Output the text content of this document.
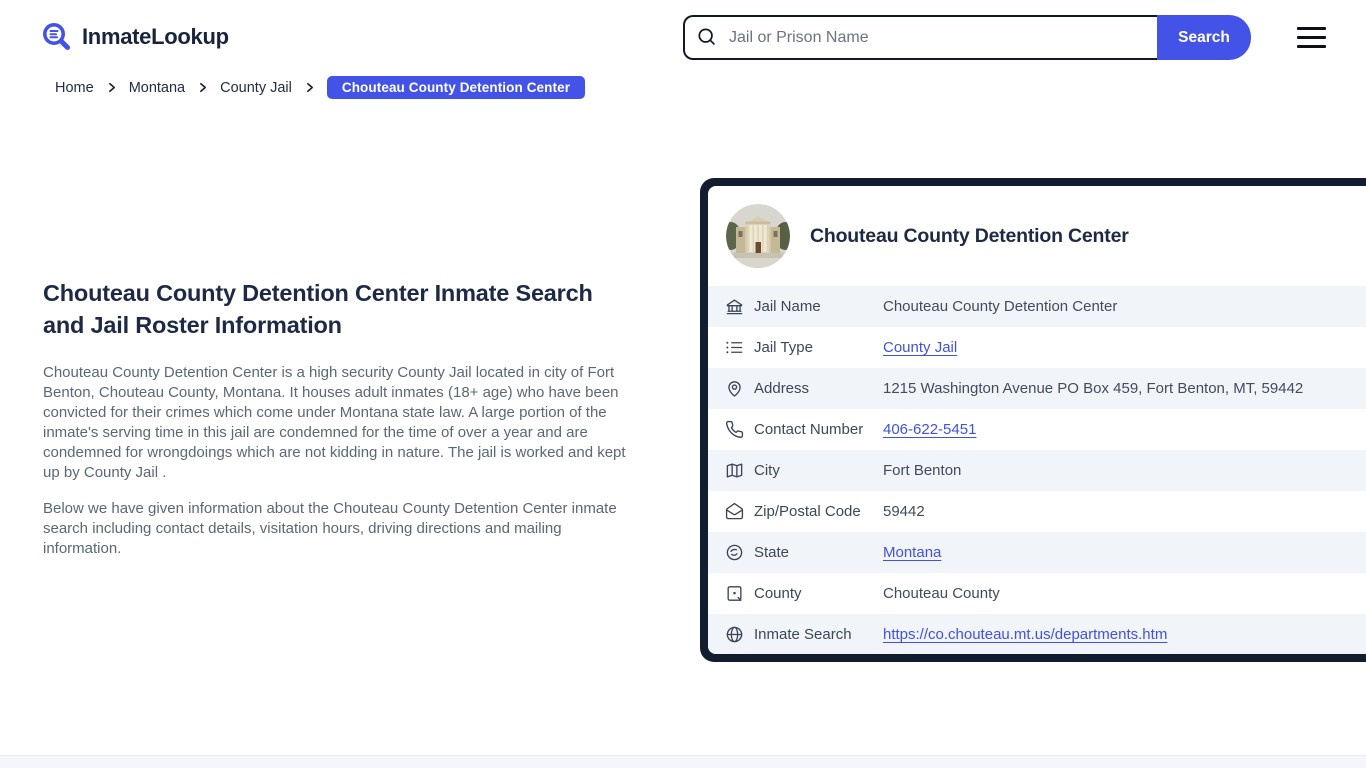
InmateLookup
Jail or Prison Name	Search
Home Montana County Jail	Chouteau County Detention Center
Chouteau County Detention Center Inmate Search and Jail Roster Information

Chouteau County Detention Center is a high security County Jail located in city of Fort Benton, Chouteau County, Montana. It houses adult inmates (18+ age) who have been convicted for their crimes which come under Montana state law. A large portion of the inmate's serving time in this jail are condemned for the time of over a year and are condemned for wrongdoings which are not kidding in nature. The jail is worked and kept up by County Jail .

Below we have given information about the Chouteau County Detention Center inmate search including contact details, visitation hours, driving directions and mailing information.

Chouteau County Detention Center
Jail Name	Chouteau County Detention Center
Jail Type	County Jail
Address	1215 Washington Avenue PO Box 459, Fort Benton, MT, 59442
Contact Number	406-622-5451
City	Fort Benton
Zip/Postal Code	59442
State	Montana
County	Chouteau County
Inmate Search	https://co.chouteau.mt.us/departments.htm
